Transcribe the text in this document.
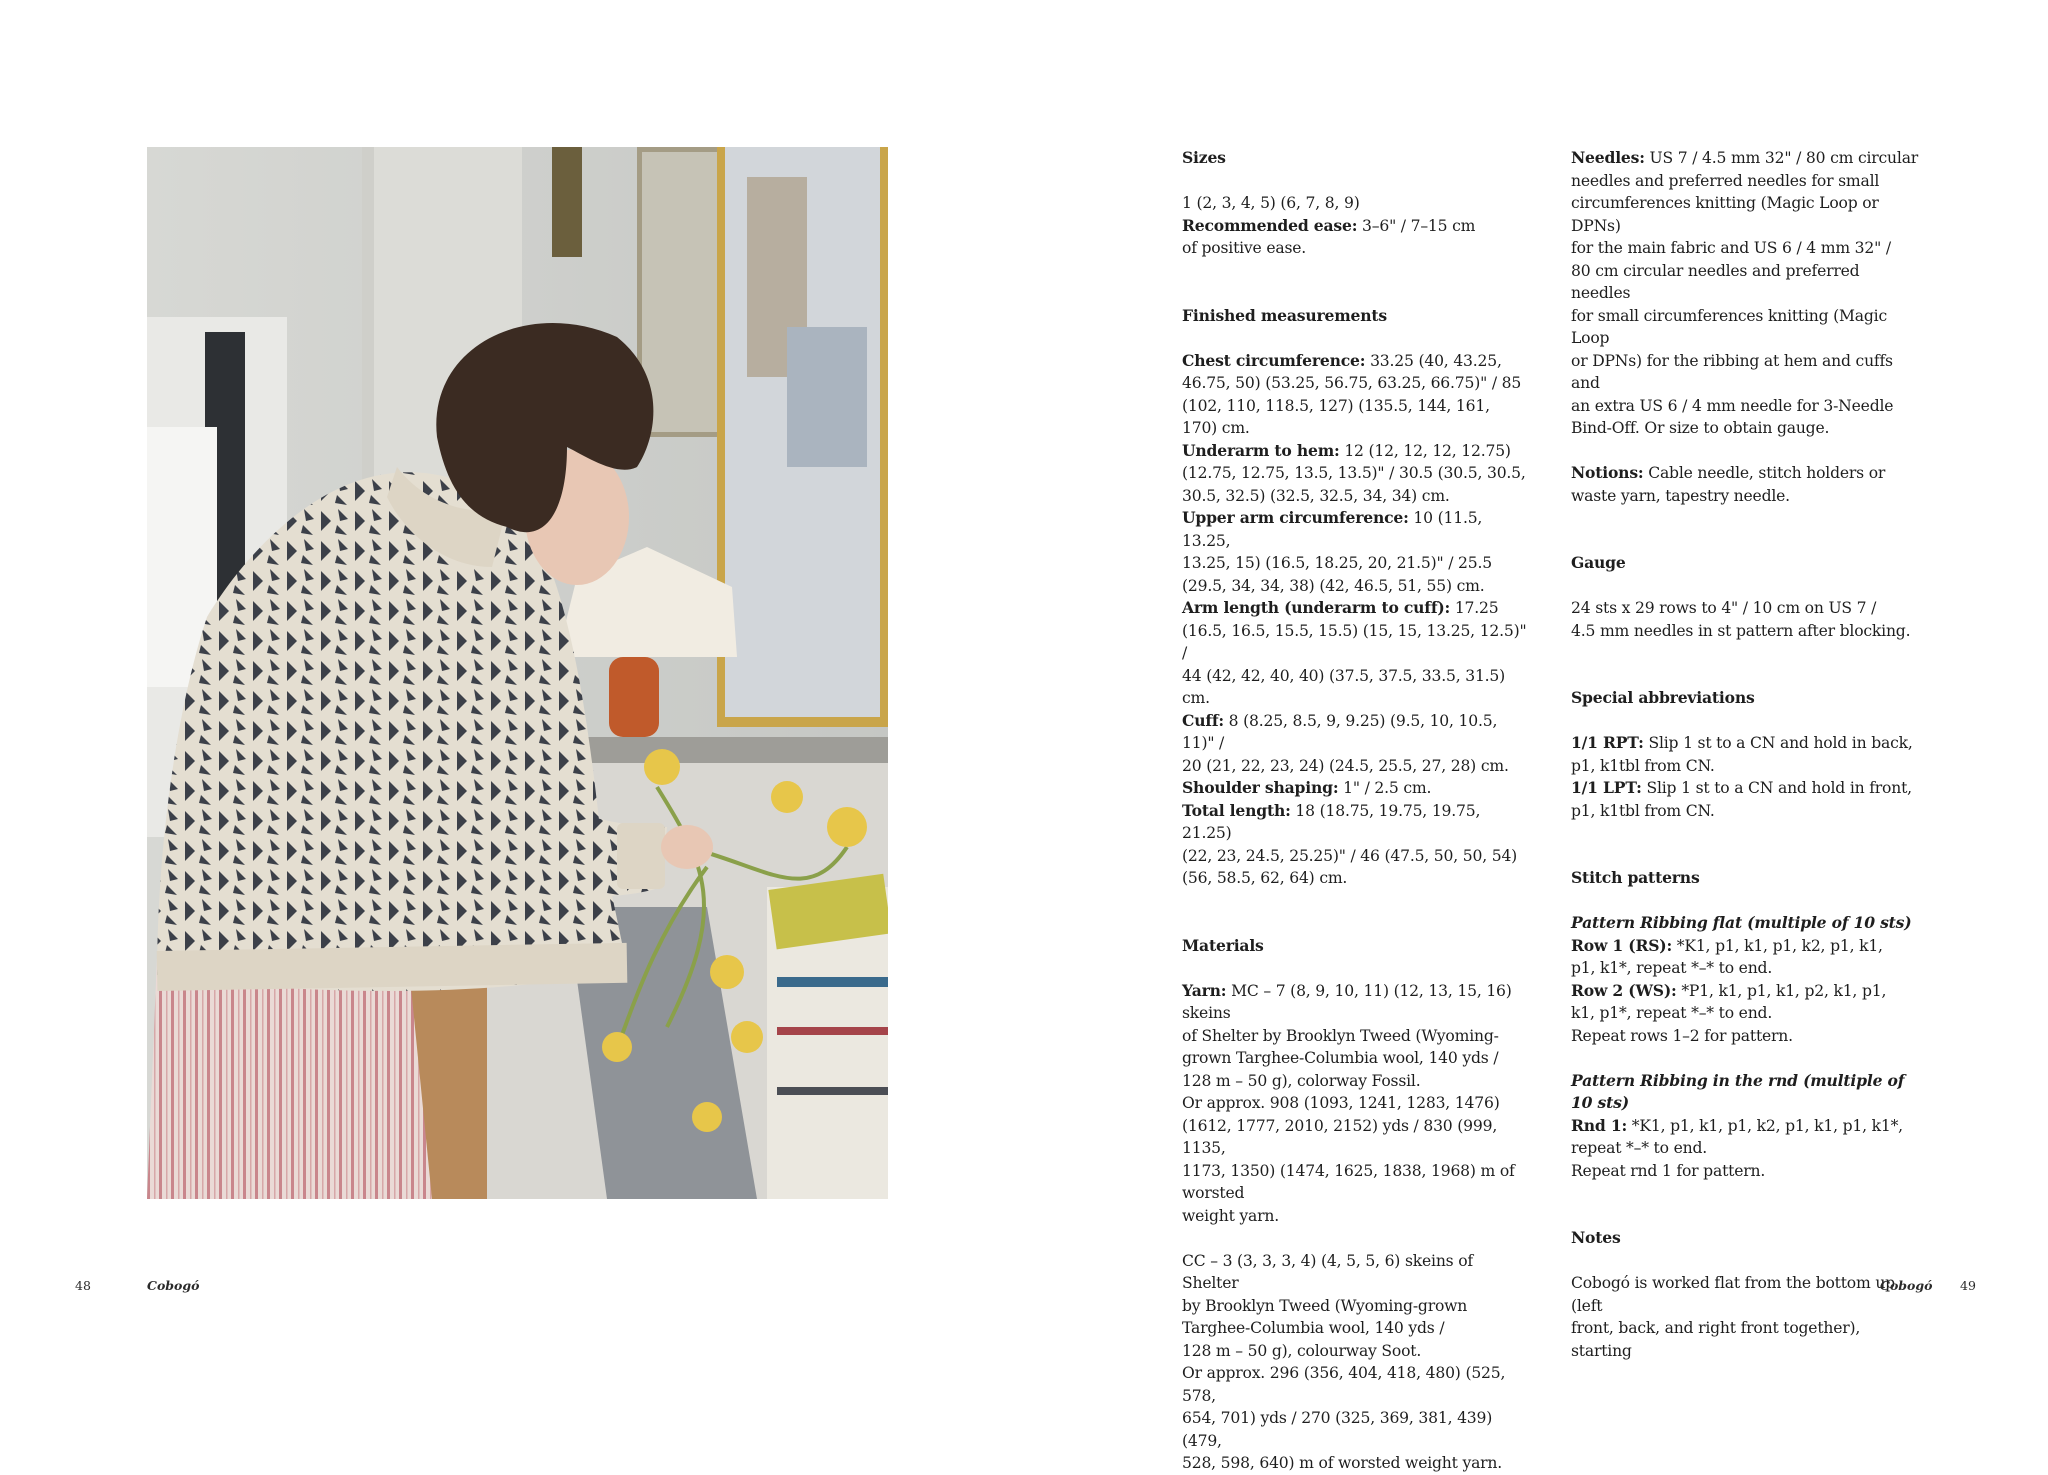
Sizes

1 (2, 3, 4, 5) (6, 7, 8, 9)

Recommended ease: 3–6" / 7–15 cm

of positive ease.

Finished measurements

Chest circumference: 33.25 (40, 43.25,

46.75, 50) (53.25, 56.75, 63.25, 66.75)" / 85

(102, 110, 118.5, 127) (135.5, 144, 161, 170) cm.

Underarm to hem: 12 (12, 12, 12, 12.75)

(12.75, 12.75, 13.5, 13.5)" / 30.5 (30.5, 30.5,

30.5, 32.5) (32.5, 32.5, 34, 34) cm.

Upper arm circumference: 10 (11.5, 13.25,

13.25, 15) (16.5, 18.25, 20, 21.5)" / 25.5

(29.5, 34, 34, 38) (42, 46.5, 51, 55) cm.

Arm length (underarm to cuff): 17.25

(16.5, 16.5, 15.5, 15.5) (15, 15, 13.25, 12.5)" /

44 (42, 42, 40, 40) (37.5, 37.5, 33.5, 31.5) cm.

Cuff: 8 (8.25, 8.5, 9, 9.25) (9.5, 10, 10.5, 11)" /

20 (21, 22, 23, 24) (24.5, 25.5, 27, 28) cm.

Shoulder shaping: 1" / 2.5 cm.

Total length: 18 (18.75, 19.75, 19.75, 21.25)

(22, 23, 24.5, 25.25)" / 46 (47.5, 50, 50, 54)

(56, 58.5, 62, 64) cm.

Materials

Yarn: MC – 7 (8, 9, 10, 11) (12, 13, 15, 16) skeins

of Shelter by Brooklyn Tweed (Wyoming-

grown Targhee-Columbia wool, 140 yds /

128 m – 50 g), colorway Fossil.

Or approx. 908 (1093, 1241, 1283, 1476)

(1612, 1777, 2010, 2152) yds / 830 (999, 1135,

1173, 1350) (1474, 1625, 1838, 1968) m of worsted

weight yarn.

CC – 3 (3, 3, 3, 4) (4, 5, 5, 6) skeins of Shelter

by Brooklyn Tweed (Wyoming-grown

Targhee-Columbia wool, 140 yds /

128 m – 50 g), colourway Soot.

Or approx. 296 (356, 404, 418, 480) (525, 578,

654, 701) yds / 270 (325, 369, 381, 439) (479,

528, 598, 640) m of worsted weight yarn.

Needles: US 7 / 4.5 mm 32" / 80 cm circular

needles and preferred needles for small

circumferences knitting (Magic Loop or DPNs)

for the main fabric and US 6 / 4 mm 32" /

80 cm circular needles and preferred needles

for small circumferences knitting (Magic Loop

or DPNs) for the ribbing at hem and cuffs and

an extra US 6 / 4 mm needle for 3-Needle

Bind-Off. Or size to obtain gauge.

Notions: Cable needle, stitch holders or

waste yarn, tapestry needle.

Gauge

24 sts x 29 rows to 4" / 10 cm on US 7 /

4.5 mm needles in st pattern after blocking.

Special abbreviations

1/1 RPT: Slip 1 st to a CN and hold in back,

p1, k1tbl from CN.

1/1 LPT: Slip 1 st to a CN and hold in front,

p1, k1tbl from CN.

Stitch patterns

Pattern Ribbing flat (multiple of 10 sts)

Row 1 (RS): *K1, p1, k1, p1, k2, p1, k1,

p1, k1*, repeat *–* to end.

Row 2 (WS): *P1, k1, p1, k1, p2, k1, p1,

k1, p1*, repeat *–* to end.

Repeat rows 1–2 for pattern.

Pattern Ribbing in the rnd (multiple of 10 sts)

Rnd 1: *K1, p1, k1, p1, k2, p1, k1, p1, k1*,

repeat *–* to end.

Repeat rnd 1 for pattern.

Notes

Cobogó is worked flat from the bottom up (left

front, back, and right front together), starting

48	Cobogó	Cobogó 49
